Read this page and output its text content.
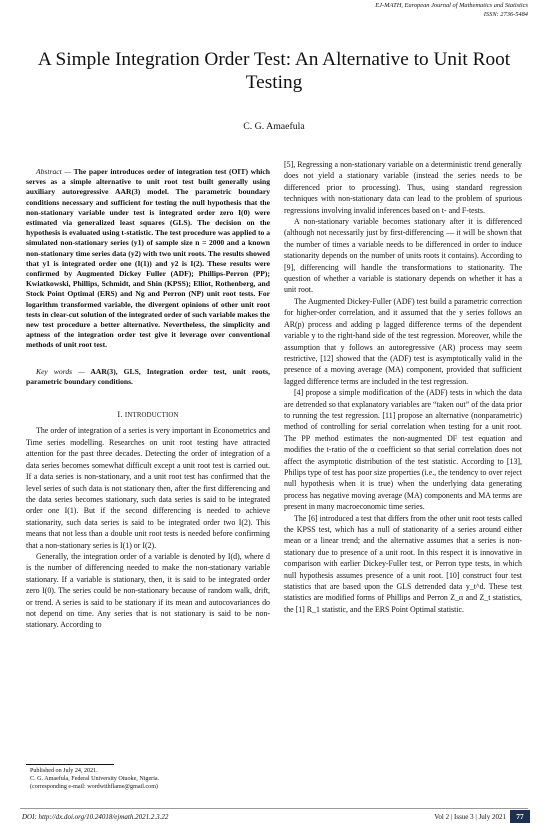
EJ-MATH, European Journal of Mathematics and Statistics
ISSN: 2736-5484
A Simple Integration Order Test: An Alternative to Unit Root Testing
C. G. Amaefula

Abstract — The paper introduces order of integration test (OIT) which serves as a simple alternative to unit root test built generally using auxiliary autoregressive AAR(3) model. The parametric boundary conditions necessary and sufficient for testing the null hypothesis that the non-stationary variable under test is integrated order zero I(0) were estimated via generalized least squares (GLS). The decision on the hypothesis is evaluated using t-statistic. The test procedure was applied to a simulated non-stationary series (y1) of sample size n = 2000 and a known non-stationary time series data (y2) with two unit roots. The results showed that y1 is integrated order one (I(1)) and y2 is I(2). These results were confirmed by Augmented Dickey Fuller (ADF); Phillips-Perron (PP); Kwiatkowski, Phillips, Schmidt, and Shin (KPSS); Elliot, Rothenberg, and Stock Point Optimal (ERS) and Ng and Perron (NP) unit root tests. For logarithm transformed variable, the divergent opinions of other unit root tests in clear-cut solution of the integrated order of such variable makes the new test procedure a better alternative. Nevertheless, the simplicity and aptness of the integration order test give it leverage over conventional methods of unit root test.

Key words — AAR(3), GLS, Integration order test, unit roots, parametric boundary conditions.

I. INTRODUCTION

The order of integration of a series is very important in Econometrics and Time series modelling. Researches on unit root testing have attracted attention for the past three decades. Detecting the order of integration of a data series becomes somewhat difficult except a unit root test is carried out. If a data series is non-stationary, and a unit root test has confirmed that the level series of such data is not stationary then, after the first differencing and the data series becomes stationary, such data series is said to be integrated order one I(1). But if the second differencing is needed to achieve stationarity, such data series is said to be integrated order two I(2). This means that not less than a double unit root tests is needed before confirming that a non-stationary series is I(1) or I(2).

Generally, the integration order of a variable is denoted by I(d), where d is the number of differencing needed to make the non-stationary variable stationary. If a variable is stationary, then, it is said to be integrated order zero I(0). The series could be non-stationary because of random walk, drift, or trend. A series is said to be stationary if its mean and autocovariances do not depend on time. Any series that is not stationary is said to be non-stationary. According to

[5], Regressing a non-stationary variable on a deterministic trend generally does not yield a stationary variable (instead the series needs to be differenced prior to processing). Thus, using standard regression techniques with non-stationary data can lead to the problem of spurious regressions involving invalid inferences based on t- and F-tests.

A non-stationary variable becomes stationary after it is differenced (although not necessarily just by first-differencing — it will be shown that the number of times a variable needs to be differenced in order to induce stationarity depends on the number of units roots it contains). According to [9], differencing will handle the transformations to stationarity. The question of whether a variable is stationary depends on whether it has a unit root.

The Augmented Dickey-Fuller (ADF) test build a parametric correction for higher-order correlation, and it assumed that the y series follows an AR(p) process and adding p lagged difference terms of the dependent variable y to the right-hand side of the test regression. Moreover, while the assumption that y follows an autoregressive (AR) process may seem restrictive, [12] showed that the (ADF) test is asymptotically valid in the presence of a moving average (MA) component, provided that sufficient lagged difference terms are included in the test regression.

[4] propose a simple modification of the (ADF) tests in which the data are detrended so that explanatory variables are “taken out” of the data prior to running the test regression. [11] propose an alternative (nonparametric) method of controlling for serial correlation when testing for a unit root. The PP method estimates the non-augmented DF test equation and modifies the t-ratio of the α coefficient so that serial correlation does not affect the asymptotic distribution of the test statistic. According to [13], Philips type of test has poor size properties (i.e., the tendency to over reject null hypothesis when it is true) when the underlying data generating process has negative moving average (MA) components and MA terms are present in many macroeconomic time series.

The [6] introduced a test that differs from the other unit root tests called the KPSS test, which has a null of stationarity of a series around either mean or a linear trend; and the alternative assumes that a series is non-stationary due to presence of a unit root. In this respect it is innovative in comparison with earlier Dickey-Fuller test, or Perron type tests, in which null hypothesis assumes presence of a unit root. [10] construct four test statistics that are based upon the GLS detrended data y_t^d. These test statistics are modified forms of Phillips and Perron Z_α and Z_t statistics, the [1] R_1 statistic, and the ERS Point Optimal statistic.

Published on July 24, 2021.
C. G. Amaefula, Federal University Otuoke, Nigeria.
(corresponding e-mail: wordwithflame@gmail.com)
DOI: http://dx.doi.org/10.24018/ejmath.2021.2.3.22	Vol 2 | Issue 3 | July 2021	77
